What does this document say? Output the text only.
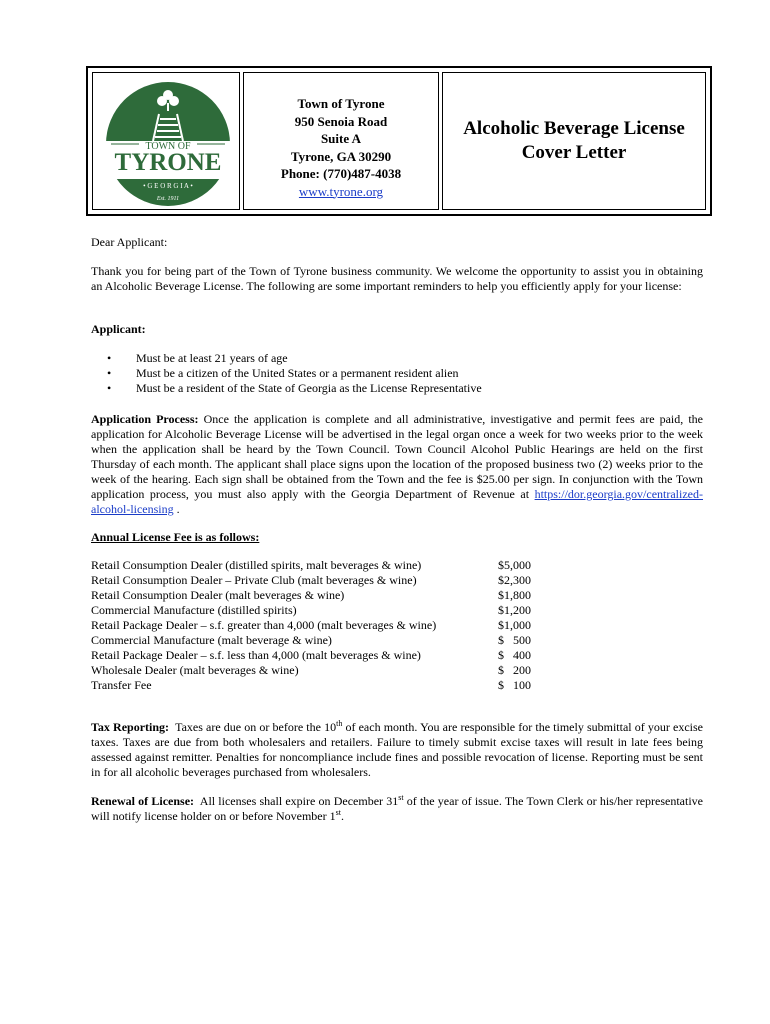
TOWN OF
TYRONE
• G E O R G I A •
Est. 1911
Town of Tyrone
950 Senoia Road
Suite A
Tyrone, GA 30290
Phone: (770)487-4038
www.tyrone.org
Alcoholic Beverage License
Cover Letter
Dear Applicant:
Thank you for being part of the Town of Tyrone business community. We welcome the opportunity to assist you in obtaining an Alcoholic Beverage License. The following are some important reminders to help you efficiently apply for your license:
Applicant:
• Must be at least 21 years of age
• Must be a citizen of the United States or a permanent resident alien
• Must be a resident of the State of Georgia as the License Representative
Application Process: Once the application is complete and all administrative, investigative and permit fees are paid, the application for Alcoholic Beverage License will be advertised in the legal organ once a week for two weeks prior to the week when the application shall be heard by the Town Council. Town Council Alcohol Public Hearings are held on the first Thursday of each month. The applicant shall place signs upon the location of the proposed business two (2) weeks prior to the week of the hearing. Each sign shall be obtained from the Town and the fee is $25.00 per sign. In conjunction with the Town application process, you must also apply with the Georgia Department of Revenue at https://dor.georgia.gov/centralized-alcohol-licensing .
Annual License Fee is as follows:
Retail Consumption Dealer (distilled spirits, malt beverages & wine)	$5,000
Retail Consumption Dealer – Private Club (malt beverages & wine)	$2,300
Retail Consumption Dealer (malt beverages & wine)	$1,800
Commercial Manufacture (distilled spirits)	$1,200
Retail Package Dealer – s.f. greater than 4,000 (malt beverages & wine)	$1,000
Commercial Manufacture (malt beverage & wine)	$   500
Retail Package Dealer – s.f. less than 4,000 (malt beverages & wine)	$   400
Wholesale Dealer (malt beverages & wine)	$   200
Transfer Fee	$   100
Tax Reporting:  Taxes are due on or before the 10th of each month. You are responsible for the timely submittal of your excise taxes. Taxes are due from both wholesalers and retailers. Failure to timely submit excise taxes will result in late fees being assessed against remitter. Penalties for noncompliance include fines and possible revocation of license. Reporting must be sent in for all alcoholic beverages purchased from wholesalers.
Renewal of License:  All licenses shall expire on December 31st of the year of issue. The Town Clerk or his/her representative will notify license holder on or before November 1st.
